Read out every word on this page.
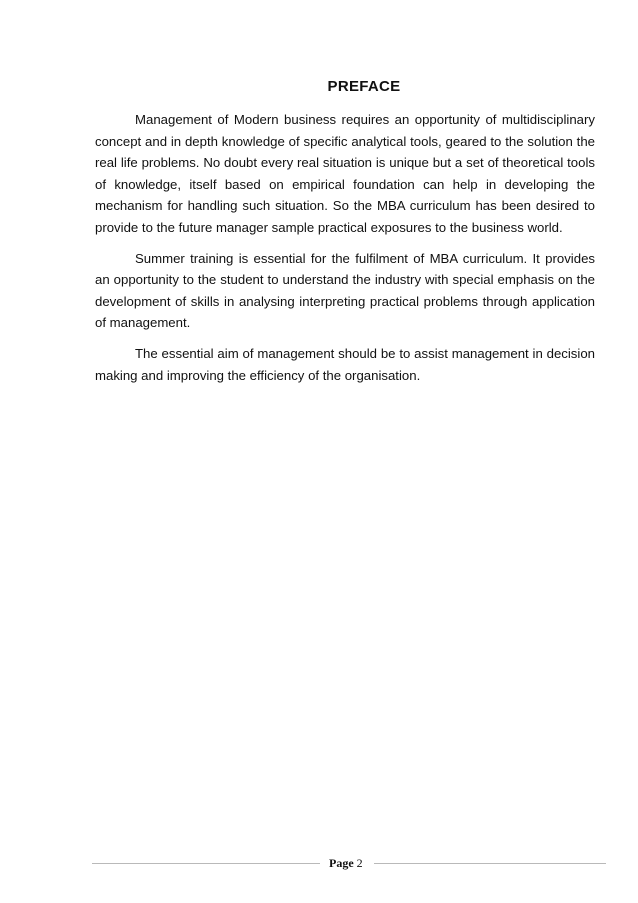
PREFACE

Management of Modern business requires an opportunity of multidisciplinary concept and in depth knowledge of specific analytical tools, geared to the solution the real life problems. No doubt every real situation is unique but a set of theoretical tools of knowledge, itself based on empirical foundation can help in developing the mechanism for handling such situation. So the MBA curriculum has been desired to provide to the future manager sample practical exposures to the business world.

Summer training is essential for the fulfilment of MBA curriculum. It provides an opportunity to the student to understand the industry with special emphasis on the development of skills in analysing interpreting practical problems through application of management.

The essential aim of management should be to assist management in decision making and improving the efficiency of the organisation.

Page 2
